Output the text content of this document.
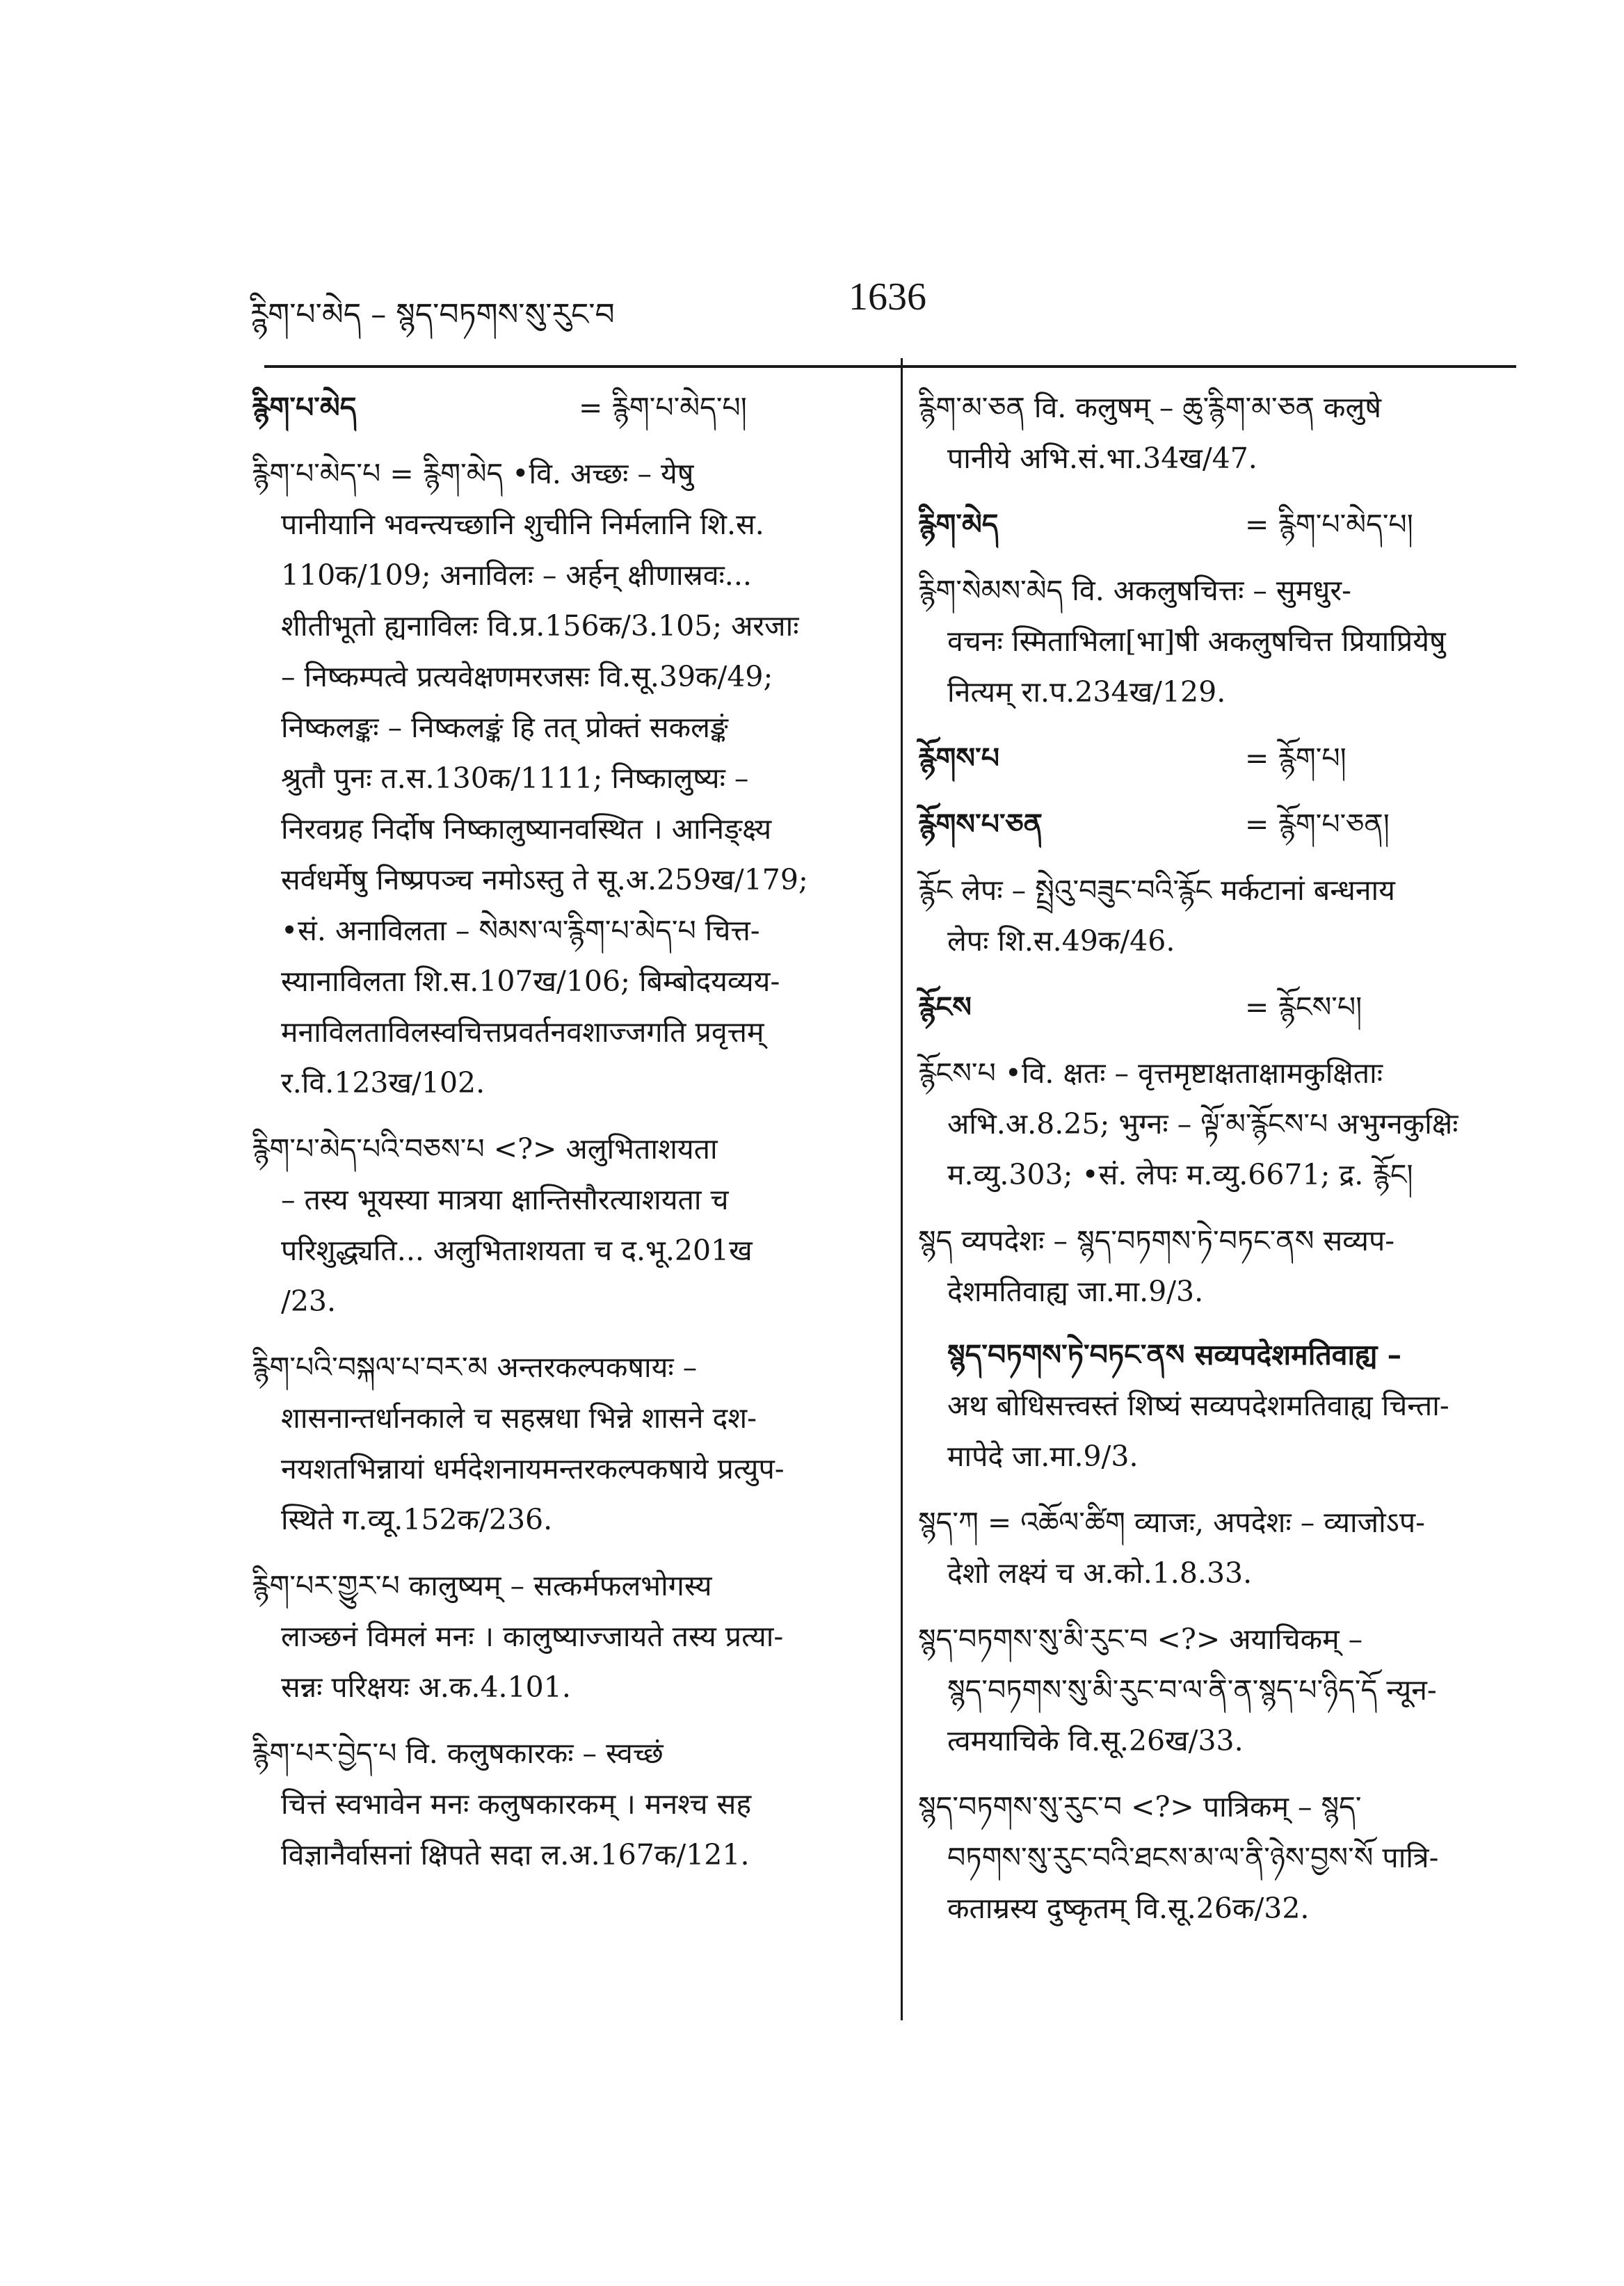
ཪྙིག་པ་མེད – སྙད་བཏགས་སུ་རུང་བ	1636
རྙིག་པ་མེད	= རྙིག་པ་མེད་པ།

རྙིག་པ་མེད་པ = རྙིག་མེད •वि. अच्छः – येषु

पानीयानि भवन्त्यच्छानि शुचीनि निर्मलानि शि.स.

110क/109; अनाविलः – अर्हन् क्षीणास्रवः...

शीतीभूतो ह्यनाविलः वि.प्र.156क/3.105; अरजाः

– निष्कम्पत्वे प्रत्यवेक्षणमरजसः वि.सू.39क/49;

निष्कलङ्कः – निष्कलङ्कं हि तत् प्रोक्तं सकलङ्कं

श्रुतौ पुनः त.स.130क/1111; निष्कालुष्यः –

निरवग्रह निर्दोष निष्कालुष्यानवस्थित । आनिङ्क्ष्य

सर्वधर्मेषु निष्प्रपञ्च नमोऽस्तु ते सू.अ.259ख/179;

•सं. अनाविलता – སེམས་ལ་རྙིག་པ་མེད་པ चित्त-

स्यानाविलता शि.स.107ख/106; बिम्बोदयव्यय-

मनाविलताविलस्वचित्तप्रवर्तनवशाज्जगति प्रवृत्तम्

र.वि.123ख/102.

རྙིག་པ་མེད་པའི་བཅས་པ <?> अलुभिताशयता

– तस्य भूयस्या मात्रया क्षान्तिसौरत्याशयता च

परिशुद्ध्यति... अलुभिताशयता च द.भू.201ख

/23.

རྙིག་པའི་བསྐལ་པ་བར་མ अन्तरकल्पकषायः –

शासनान्तर्धानकाले च सहस्रधा भिन्ने शासने दश-

नयशतभिन्नायां धर्मदेशनायमन्तरकल्पकषाये प्रत्युप-

स्थिते ग.व्यू.152क/236.

རྙིག་པར་གྱུར་པ कालुष्यम् – सत्कर्मफलभोगस्य

लाञ्छनं विमलं मनः । कालुष्याज्जायते तस्य प्रत्या-

सन्नः परिक्षयः अ.क.4.101.

རྙིག་པར་བྱེད་པ वि. कलुषकारकः – स्वच्छं

चित्तं स्वभावेन मनः कलुषकारकम् । मनश्च सह

विज्ञानैर्वासनां क्षिपते सदा ल.अ.167क/121.

རྙིག་མ་ཅན वि. कलुषम् – ཆུ་རྙིག་མ་ཅན कलुषे

पानीये अभि.सं.भा.34ख/47.

རྙིག་མེད	= རྙིག་པ་མེད་པ།

རྙིག་སེམས་མེད वि. अकलुषचित्तः – सुमधुर-

वचनः स्मिताभिला[भा]षी अकलुषचित्त प्रियाप्रियेषु

नित्यम् रा.प.234ख/129.

རྙོགས་པ	= རྙོག་པ།
རྙོགས་པ་ཅན	= རྙོག་པ་ཅན།

རྙོང लेपः – སྤྲེའུ་བཟུང་བའི་རྙོང मर्कटानां बन्धनाय

लेपः शि.स.49क/46.

རྙོངས	= རྙོངས་པ།

རྙོངས་པ •वि. क्षतः – वृत्तमृष्टाक्षताक्षामकुक्षिताः

अभि.अ.8.25; भुग्नः – ལྟོ་མ་རྙོངས་པ अभुग्नकुक्षिः

म.व्यु.303; •सं. लेपः म.व्यु.6671; द्र. རྙོང།

སྙད व्यपदेशः – སྙད་བཏགས་ཏེ་བཏང་ནས सव्यप-

देशमतिवाह्य जा.मा.9/3.

སྙད་བཏགས་ཏེ་བཏང་ནས सव्यपदेशमतिवाह्य –

अथ बोधिसत्त्वस्तं शिष्यं सव्यपदेशमतिवाह्य चिन्ता-

मापेदे जा.मा.9/3.

སྙད་ཀ = འཆོལ་ཚིག व्याजः, अपदेशः – व्याजोऽप-

देशो लक्ष्यं च अ.को.1.8.33.

སྙད་བཏགས་སུ་མི་རུང་བ <?> अयाचिकम् –

སྙད་བཏགས་སུ་མི་རུང་བ་ལ་ནི་ན་སྙད་པ་ཉིད་དོ न्यून-

त्वमयाचिके वि.सू.26ख/33.

སྙད་བཏགས་སུ་རུང་བ <?> पात्रिकम् – སྙད་

བཏགས་སུ་རུང་བའི་ཐངས་མ་ལ་ནི་ཉེས་བྱས་སོ पात्रि-

कताम्रस्य दुष्कृतम् वि.सू.26क/32.
